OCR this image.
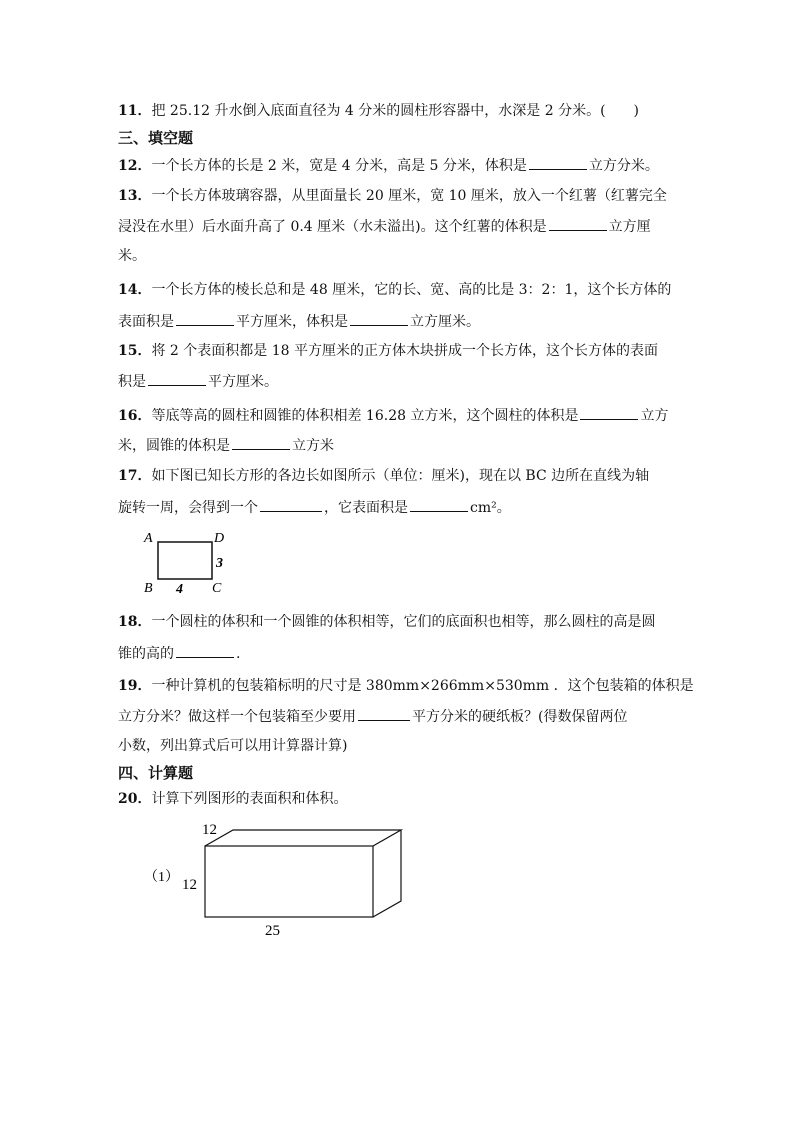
11．把 25.12 升水倒入底面直径为 4 分米的圆柱形容器中，水深是 2 分米。( )
三、填空题
12．一个长方体的长是 2 米，宽是 4 分米，高是 5 分米，体积是	立方分米。
13．一个长方体玻璃容器，从里面量长 20 厘米，宽 10 厘米，放入一个红薯（红薯完全
浸没在水里）后水面升高了 0.4 厘米（水未溢出)。这个红薯的体积是	立方厘
米。
14．一个长方体的棱长总和是 48 厘米，它的长、宽、高的比是 3：2：1，这个长方体的
表面积是	平方厘米，体积是	立方厘米。
15．将 2 个表面积都是 18 平方厘米的正方体木块拼成一个长方体，这个长方体的表面
积是	平方厘米。
16．等底等高的圆柱和圆锥的体积相差 16.28 立方米，这个圆柱的体积是	立方
米，圆锥的体积是	立方米
17．如下图已知长方形的各边长如图所示（单位：厘米)，现在以 BC 边所在直线为轴
旋转一周，会得到一个	，它表面积是	cm²。
A	D
B	C
3
4
18．一个圆柱的体积和一个圆锥的体积相等，它们的底面积也相等，那么圆柱的高是圆
锥的高的	.
19．一种计算机的包装箱标明的尺寸是 380mm×266mm×530mm ．这个包装箱的体积是
立方分米？做这样一个包装箱至少要用	平方分米的硬纸板？(得数保留两位
小数，列出算式后可以用计算器计算)
四、计算题
20．计算下列图形的表面积和体积。
（1）
12
12
25
